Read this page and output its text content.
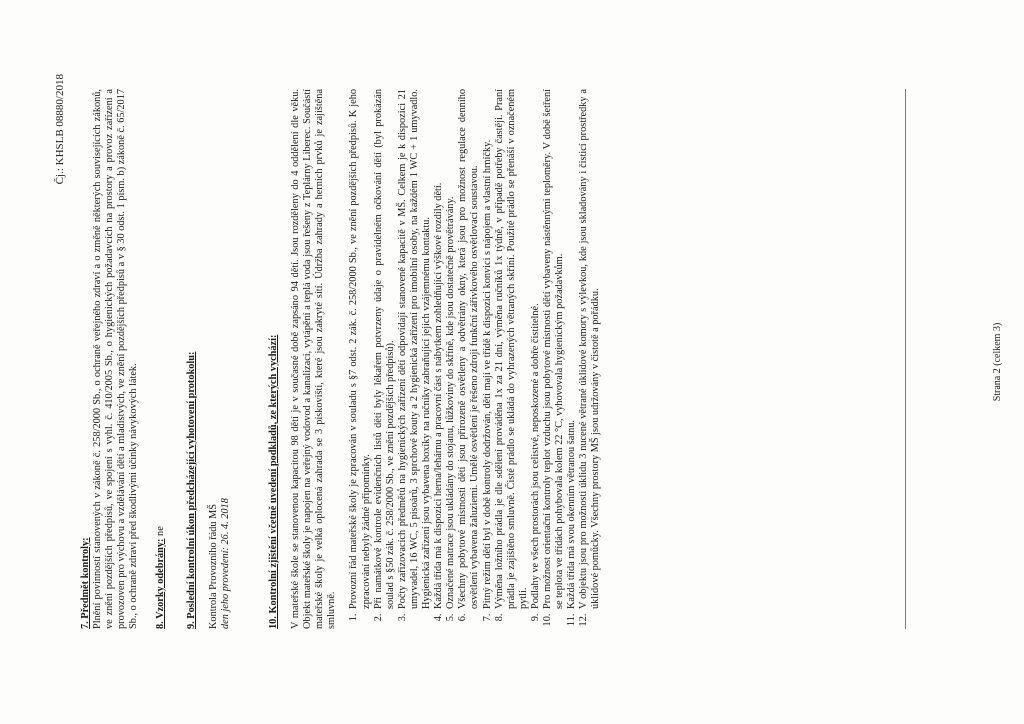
Čj.: KHSLB 08880/2018

7. Předmět kontroly: Plnění povinností stanovených v zákoně č. 258/2000 Sb., o ochraně veřejného zdraví a o změně některých souvisejících zákonů, ve znění pozdějších předpisů, ve spojení s vyhl. č. 410/2005 Sb., o hygienických požadavcích na prostory a provoz zařízení a provozoven pro výchovu a vzdělávání dětí a mladistvých, ve znění pozdějších předpisů a v § 30 odst. 1 písm. b) zákoně č. 65/2017 Sb., o ochraně zdraví před škodlivými účinky návykových látek. 8. Vzorky odebrány: ne 9. Poslední kontrolní úkon předcházející vyhotovení protokolu: Kontrola Provozního řádu MŠ den jeho provedení: 26. 4. 2018	10. Kontrolní zjištění včetně uvedení podkladů, ze kterých vychází: V mateřské škole se stanovenou kapacitou 98 dětí je v současné době zapsáno 94 dětí. Jsou rozděleny do 4 oddělení dle věku. Objekt mateřské školy je napojen na veřejný vodovod a kanalizaci, vytápění a teplá voda jsou řešeny z Teplárny Liberec. Součástí mateřské školy je velká oplocená zahrada se 3 pískovišti, které jsou zakryté sítí. Údržba zahrady a herních prvků je zajištěna smluvně.

1. Provozní řád mateřské školy je zpracován v souladu s §7 odst. 2 zák. č. 258/2000 Sb., ve znění pozdějších předpisů. K jeho zpracování nebyly žádné připomínky. 2. Při namátkové kontrole evidenčních listů dětí byly lékařem potvrzeny údaje o pravidelném očkování dětí (byl prokázán soulad s §50 zák. č. 258/2000 Sb., ve znění pozdějších předpisů). 3. Počty zařizovacích předmětů na hygienických zařízení dětí odpovídají stanovené kapacitě v MŠ. Celkem je k dispozici 21 umyvadel, 16 WC, 5 pisoárů, 3 sprchové kouty a 2 hygienická zařízení pro imobilní osoby, na každém 1 WC + 1 umyvadlo. Hygienická zařízení jsou vybavena boxíky na ručníky zabraňující jejich vzájemnému kontaktu. 4. Každá třída má k dispozici herna/lehárnu a pracovní část s nábytkem zohledňující výškové rozdíly dětí. 5. Označené matrace jsou ukládány do stojanu, lůžkoviny do skříně, kde jsou dostatečně provětrávány. 6. Všechny pobytové místnosti dětí jsou přirozeně osvětleny a odvětrány okny, která jsou pro možnost regulace denního osvětlení vybavena žaluziemi. Umělé osvětlení je řešeno zdroji funkční zářivkového osvětlovací soustavou. 7. Pitný režim dětí byl v době kontroly dodržován, děti mají ve třídě k dispozici konvici s nápojem a vlastní hrníčky. 8. Výměna ložního prádla je dle sdělení prováděna 1x za 21 dní, výměna ručníků 1x týdně, v případě potřeby častěji. Praní prádla je zajištěno smluvně. Čisté prádlo se ukládá do vyhrazených větraných skříní. Použité prádlo se přenáší v označeném pytli. 9. Podlahy ve všech prostorách jsou celistvé, neposkozené a dobře čistitelné. 10. Pro možnost orientační kontroly teplot vzduchu jsou pobytové místnosti dětí vybaveny nástěnnými teploměry. V době šetření se teplota ve třídách pohybovala kolem 22 °C, vyhovovala hygienickým požadavkům. 11. Každá třída má svou okenním větranou šatnu. 12. V objektu jsou pro možnosti úklidu 3 nucené větrané úklidové komory s výlevkou, kde jsou skladovány i čisticí prostředky a úklidové pomůcky. Všechny prostory MŠ jsou udržovány v čistotě a pořádku.	Strana 2 (celkem 3)
